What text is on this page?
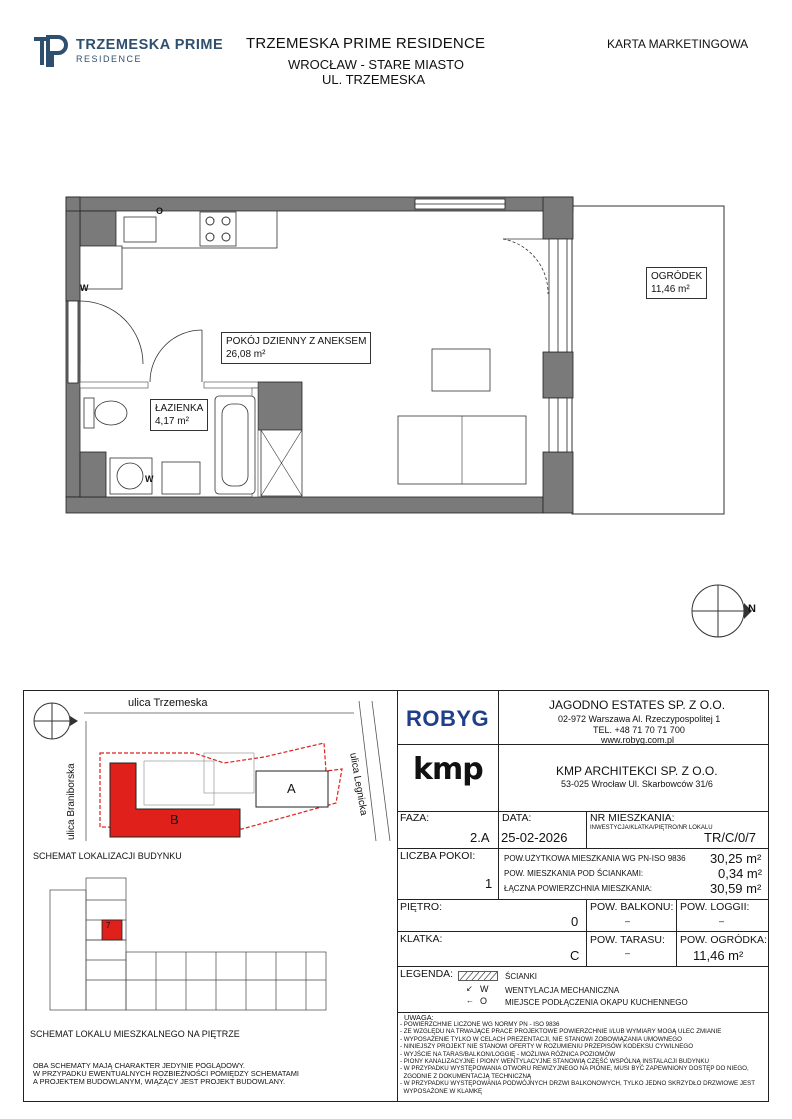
TRZEMESKA PRIME
RESIDENCE
TRZEMESKA PRIME RESIDENCE
WROCŁAW - STARE MIASTO
UL. TRZEMESKA
KARTA MARKETINGOWA
POKÓJ DZIENNY Z ANEKSEM
26,08 m²
ŁAZIENKA
4,17 m²
OGRÓDEK
11,46 m²
W
O
W
N
ulica Trzemeska
ulica Braniborska	ulica Legnicka
A
B
SCHEMAT LOKALIZACJI BUDYNKU
7
SCHEMAT LOKALU MIESZKALNEGO NA PIĘTRZE
OBA SCHEMATY MAJĄ CHARAKTER JEDYNIE POGLĄDOWY.
W PRZYPADKU EWENTUALNYCH ROZBIEŻNOŚCI POMIĘDZY SCHEMATAMI
A PROJEKTEM BUDOWLANYM, WIĄŻĄCY JEST PROJEKT BUDOWLANY.
ROBYG
JAGODNO ESTATES SP. Z O.O.
02-972 Warszawa Al. Rzeczypospolitej 1
TEL. +48 71 70 71 700
www.robyg.com.pl
kmp	KMP ARCHITEKCI SP. Z O.O.
53-025 Wrocław Ul. Skarbowców 31/6
FAZA:
2.A
DATA:
25-02-2026
NR MIESZKANIA:
INWESTYCJA/KLATKA/PIĘTRO/NR LOKALU
TR/C/0/7
LICZBA POKOI:
1
POW.UŻYTKOWA MIESZKANIA WG PN-ISO 9836 30,25 m²
POW. MIESZKANIA POD ŚCIANKAMI:	0,34 m²
ŁĄCZNA POWIERZCHNIA MIESZKANIA:	30,59 m²
PIĘTRO:
0
POW. BALKONU:
–
POW. LOGGII:
–
KLATKA:
C
POW. TARASU:
–
POW. OGRÓDKA:
11,46 m²
LEGENDA:	ŚCIANKI
↙ W WENTYLACJA MECHANICZNA
← O MIEJSCE PODŁĄCZENIA OKAPU KUCHENNEGO
UWAGA:
- POWIERZCHNIE LICZONE WG NORMY PN - ISO 9836
- ZE WZGLĘDU NA TRWAJĄCE PRACE PROJEKTOWE POWIERZCHNIE I/LUB WYMIARY MOGĄ ULEC ZMIANIE
- WYPOSAŻENIE TYLKO W CELACH PREZENTACJI, NIE STANOWI ZOBOWIĄZANIA UMOWNEGO
- NINIEJSZY PROJEKT NIE STANOWI OFERTY W ROZUMIENIU PRZEPISÓW KODEKSU CYWILNEGO
- WYJŚCIE NA TARAS/BALKON/LOGGIĘ - MOŻLIWA RÓŻNICA POZIOMÓW
- PIONY KANALIZACYJNE I PIONY WENTYLACYJNE STANOWIĄ CZĘŚĆ WSPÓLNĄ INSTALACJI BUDYNKU
- W PRZYPADKU WYSTĘPOWANIA OTWORU REWIZYJNEGO NA PIONIE, MUSI BYĆ ZAPEWNIONY DOSTĘP DO NIEGO,
ZGODNIE Z DOKUMENTACJĄ TECHNICZNĄ
- W PRZYPADKU WYSTĘPOWANIA PODWÓJNYCH DRZWI BALKONOWYCH, TYLKO JEDNO SKRZYDŁO DRZWIOWE JEST
WYPOSAŻONE W KLAMKĘ
